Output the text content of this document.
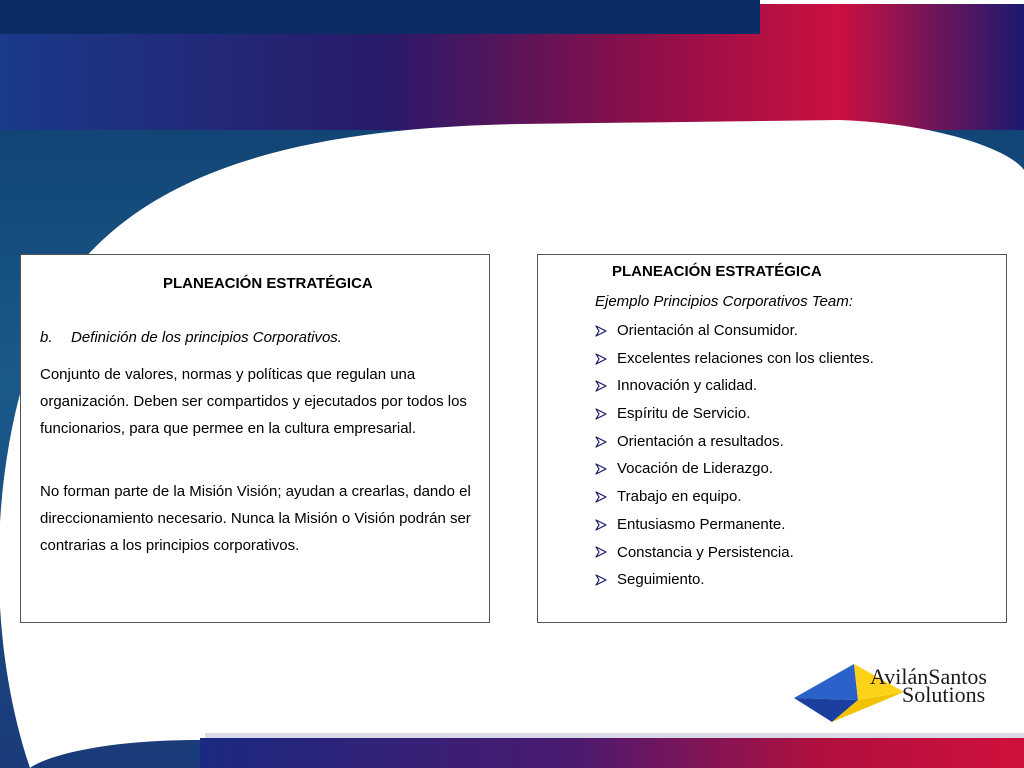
PLANEACIÓN ESTRATÉGICA
b. Definición de los principios Corporativos.
Conjunto de valores, normas y políticas que regulan una organización. Deben ser compartidos y ejecutados por todos los funcionarios, para que permee en la cultura empresarial.
No forman parte de la Misión Visión; ayudan a crearlas, dando el direccionamiento necesario. Nunca la Misión o Visión podrán ser contrarias a los principios corporativos.
PLANEACIÓN ESTRATÉGICA
Ejemplo Principios Corporativos Team:
Orientación al Consumidor.
Excelentes relaciones con los clientes.
Innovación y calidad.
Espíritu de Servicio.
Orientación a resultados.
Vocación de Liderazgo.
Trabajo en equipo.
Entusiasmo Permanente.
Constancia y Persistencia.
Seguimiento.
AvilánSantos
Solutions
